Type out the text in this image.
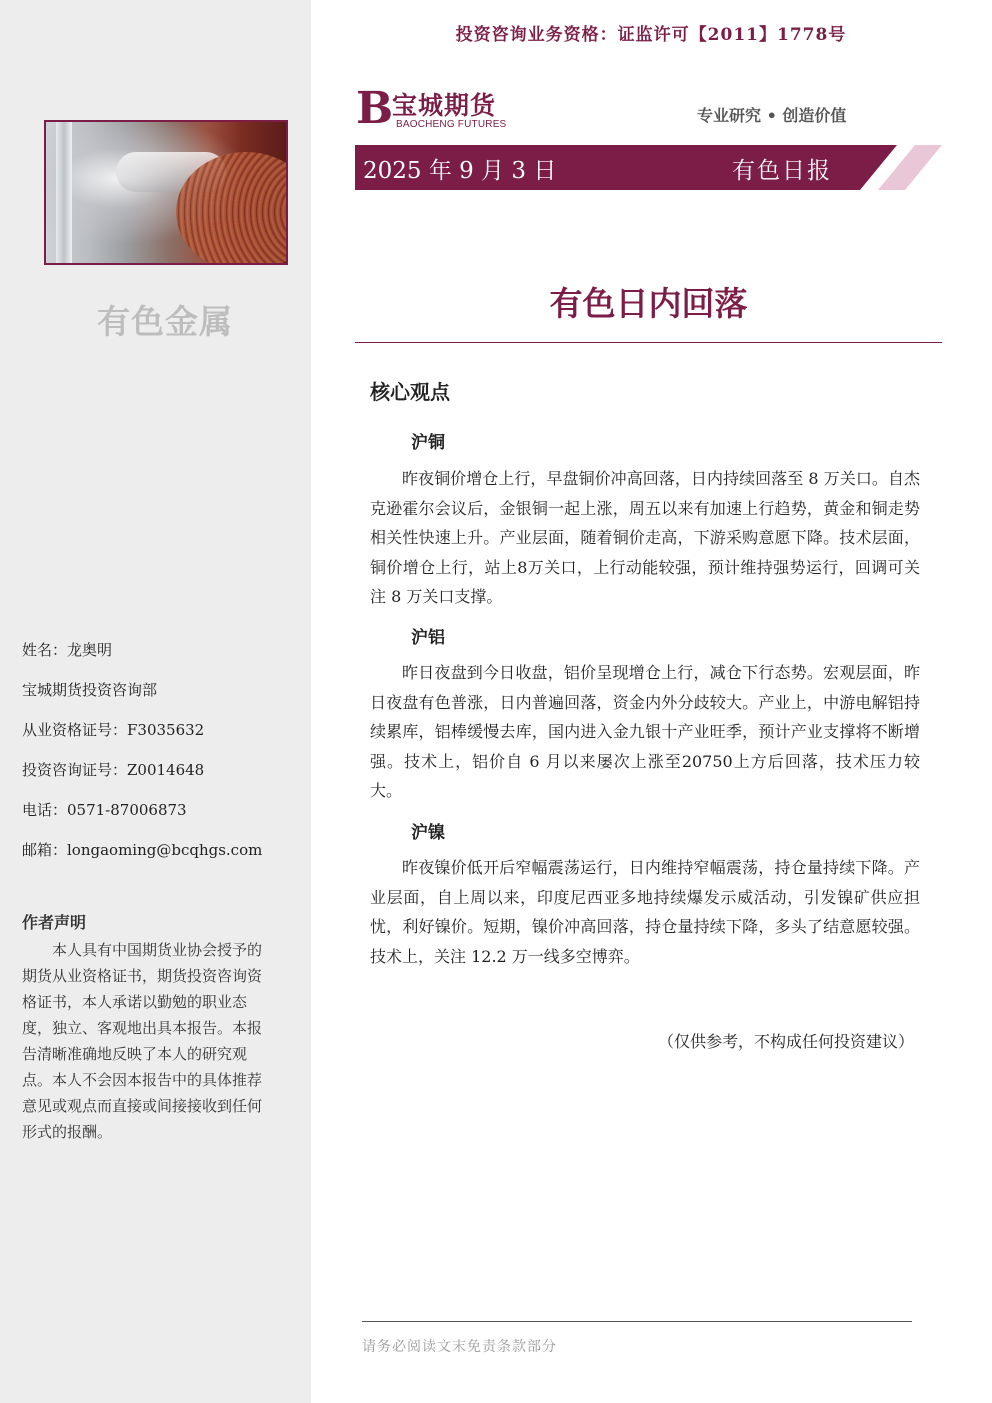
有色金属
姓名：龙奥明
宝城期货投资咨询部
从业资格证号：F3035632
投资咨询证号：Z0014648
电话：0571-87006873
邮箱：longaoming@bcqhgs.com
作者声明
本人具有中国期货业协会授予的期货从业资格证书，期货投资咨询资格证书，本人承诺以勤勉的职业态度，独立、客观地出具本报告。本报告清晰准确地反映了本人的研究观点。本人不会因本报告中的具体推荐意见或观点而直接或间接接收到任何形式的报酬。
投资咨询业务资格：证监许可【2011】1778号
B
宝城期货
BAOCHENG FUTURES	专业研究 • 创造价值
2025 年 9 月 3 日	有色日报
有色日内回落
核心观点
沪铜
昨夜铜价增仓上行，早盘铜价冲高回落，日内持续回落至 8 万关口。自杰克逊霍尔会议后，金银铜一起上涨，周五以来有加速上行趋势，黄金和铜走势相关性快速上升。产业层面，随着铜价走高，下游采购意愿下降。技术层面，铜价增仓上行，站上8万关口，上行动能较强，预计维持强势运行，回调可关注 8 万关口支撑。
沪铝
昨日夜盘到今日收盘，铝价呈现增仓上行，减仓下行态势。宏观层面，昨日夜盘有色普涨，日内普遍回落，资金内外分歧较大。产业上，中游电解铝持续累库，铝棒缓慢去库，国内进入金九银十产业旺季，预计产业支撑将不断增强。技术上，铝价自 6 月以来屡次上涨至20750上方后回落，技术压力较大。
沪镍
昨夜镍价低开后窄幅震荡运行，日内维持窄幅震荡，持仓量持续下降。产业层面，自上周以来，印度尼西亚多地持续爆发示威活动，引发镍矿供应担忧，利好镍价。短期，镍价冲高回落，持仓量持续下降，多头了结意愿较强。技术上，关注 12.2 万一线多空博弈。
（仅供参考，不构成任何投资建议）
请务必阅读文末免责条款部分
